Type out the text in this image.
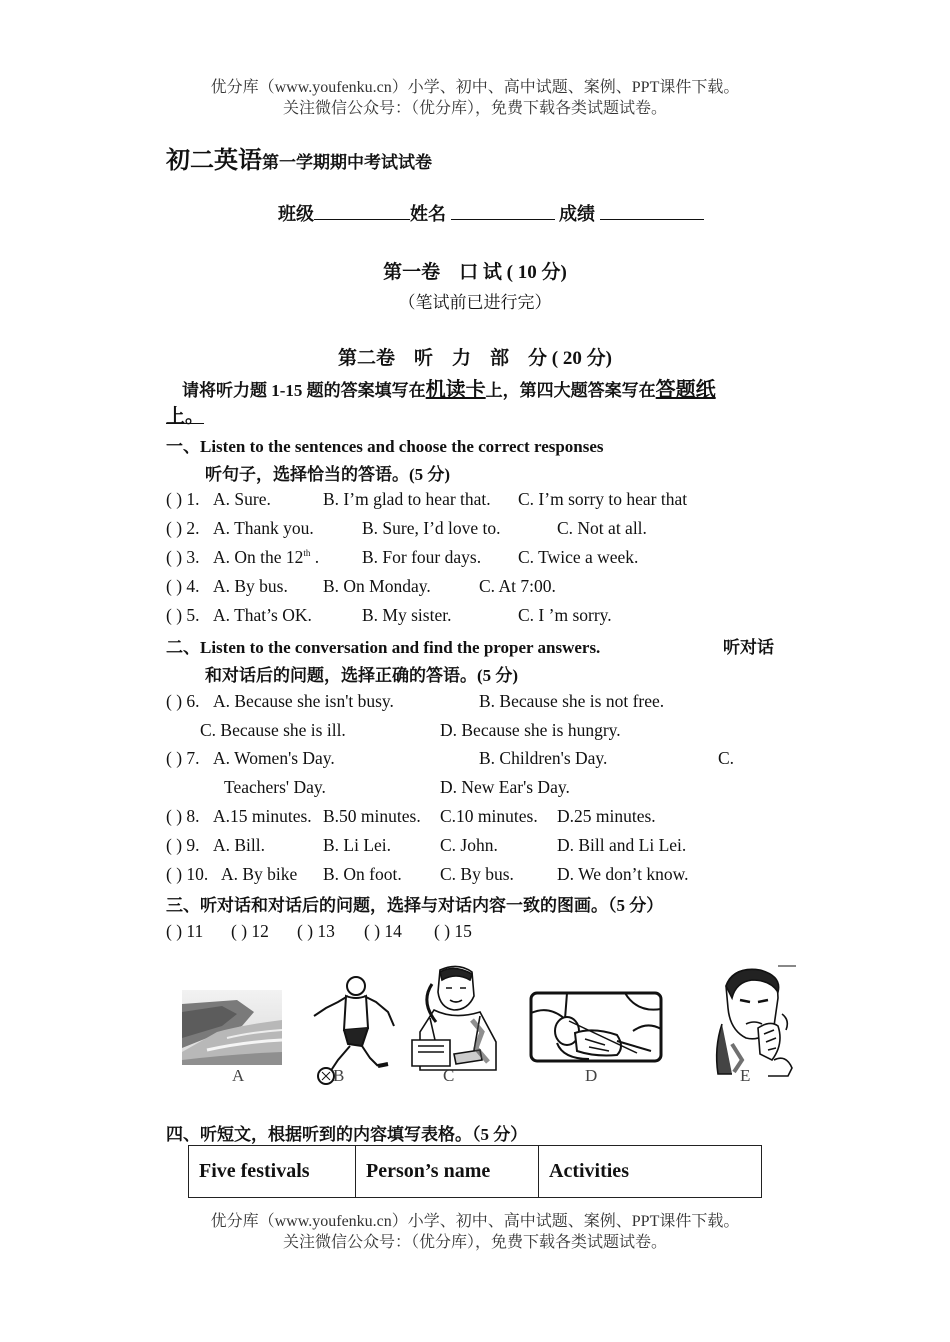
优分库（www.youfenku.cn）小学、初中、高中试题、案例、PPT课件下载。
关注微信公众号：（优分库），免费下载各类试题试卷。
初二英语第一学期期中考试试卷
班级	姓名	成绩
第一卷　口 试 ( 10 分)
（笔试前已进行完）
第二卷　听　力　部　分 ( 20 分)
请将听力题 1-15 题的答案填写在机读卡上，第四大题答案写在答题纸
上。
一、Listen to the sentences and choose the correct responses
听句子，选择恰当的答语。(5 分)
( ) 1. A. Sure.	B. I’m glad to hear that. C. I’m sorry to hear that
( ) 2. A. Thank you.	B. Sure, I’d love to.	C. Not at all.
( ) 3. A. On the 12th . B. For four days. C. Twice a week.
( ) 4. A. By bus. B. On Monday.	C. At 7:00.
( ) 5. A. That’s OK.	B. My sister.	C. I ’m sorry.
二、Listen to the conversation and find the proper answers.	听对话
和对话后的问题，选择正确的答语。(5 分)
( ) 6. A. Because she isn't busy.	B. Because she is not free.
C. Because she is ill.	D. Because she is hungry.
( ) 7. A. Women's Day.	B. Children's Day.	C.
Teachers' Day.	D. New Ear's Day.
( ) 8. A.15 minutes. B.50 minutes. C.10 minutes. D.25 minutes.
( ) 9. A. Bill.	B. Li Lei.	C. John.	D. Bill and Li Lei.
( ) 10. A. By bike B. On foot. C. By bus. D. We don’t know.
三、听对话和对话后的问题，选择与对话内容一致的图画。（5 分）
( ) 11 ( ) 12 ( ) 13 ( ) 14 ( ) 15
B	C	D
A	E
四、听短文，根据听到的内容填写表格。（5 分）
Five festivals	Person’s name	Activities
优分库（www.youfenku.cn）小学、初中、高中试题、案例、PPT课件下载。
关注微信公众号：（优分库），免费下载各类试题试卷。
